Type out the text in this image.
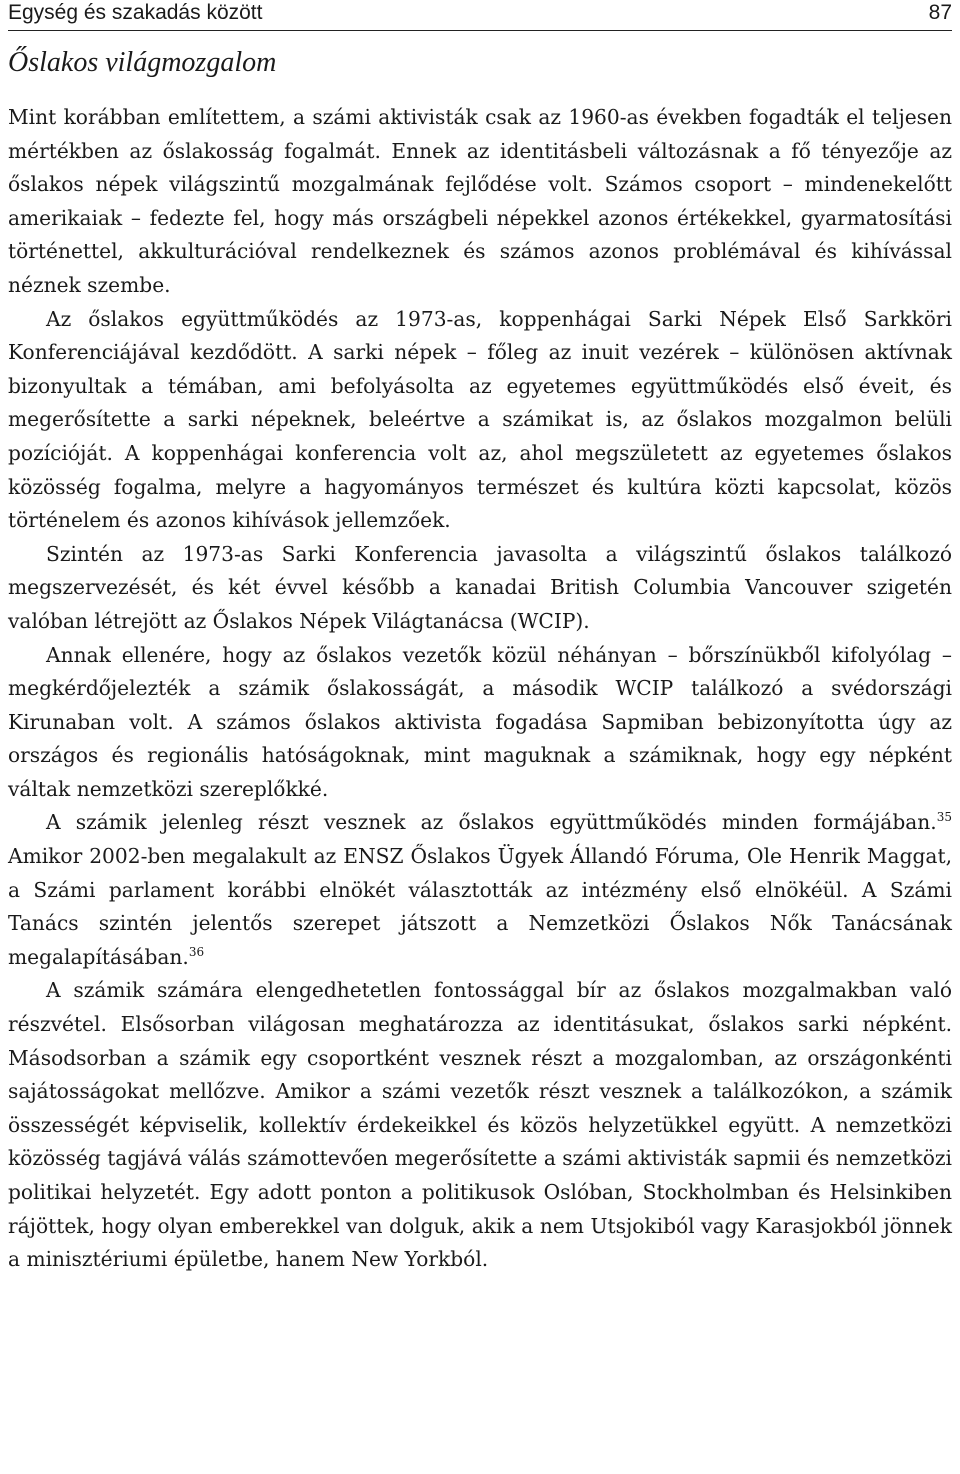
Egység és szakadás között	87
Őslakos világmozgalom

Mint korábban említettem, a számi aktivisták csak az 1960-as években fogadták el teljesen mértékben az őslakosság fogalmát. Ennek az identitásbeli változásnak a fő tényezője az őslakos népek világszintű mozgalmának fejlődése volt. Számos csoport – mindenekelőtt amerikaiak – fedezte fel, hogy más országbeli népekkel azonos értékekkel, gyarmatosítási történettel, akkulturációval rendelkeznek és számos azonos problémával és kihívással néznek szembe.

Az őslakos együttműködés az 1973-as, koppenhágai Sarki Népek Első Sarkköri Konferenciájával kezdődött. A sarki népek – főleg az inuit vezérek – különösen aktívnak bizonyultak a témában, ami befolyásolta az egyetemes együttműködés első éveit, és megerősítette a sarki népeknek, beleértve a számikat is, az őslakos mozgalmon belüli pozícióját. A koppenhágai konferencia volt az, ahol megszületett az egyetemes őslakos közösség fogalma, melyre a hagyományos természet és kultúra közti kapcsolat, közös történelem és azonos kihívások jellemzőek.

Szintén az 1973-as Sarki Konferencia javasolta a világszintű őslakos találkozó megszervezését, és két évvel később a kanadai British Columbia Vancouver szigetén valóban létrejött az Őslakos Népek Világtanácsa (WCIP).

Annak ellenére, hogy az őslakos vezetők közül néhányan – bőrszínükből kifolyólag – megkérdőjelezték a számik őslakosságát, a második WCIP találkozó a svédországi Kirunaban volt. A számos őslakos aktivista fogadása Sapmiban bebizonyította úgy az országos és regionális hatóságoknak, mint maguknak a számiknak, hogy egy népként váltak nemzetközi szereplőkké.

A számik jelenleg részt vesznek az őslakos együttműködés minden formájában.$^{35}$ Amikor 2002-ben megalakult az ENSZ Őslakos Ügyek Állandó Fóruma, Ole Henrik Maggat, a Számi parlament korábbi elnökét választották az intézmény első elnökéül. A Számi Tanács szintén jelentős szerepet játszott a Nemzetközi Őslakos Nők Tanácsának megalapításában.$^{36}$

A számik számára elengedhetetlen fontossággal bír az őslakos mozgalmakban való részvétel. Elsősorban világosan meghatározza az identitásukat, őslakos sarki népként. Másodsorban a számik egy csoportként vesznek részt a mozgalomban, az országonkénti sajátosságokat mellőzve. Amikor a számi vezetők részt vesznek a találkozókon, a számik összességét képviselik, kollektív érdekeikkel és közös helyzetükkel együtt. A nemzetközi közösség tagjává válás számottevően megerősítette a számi aktivisták sapmii és nemzetközi politikai helyzetét. Egy adott ponton a politikusok Oslóban, Stockholmban és Helsinkiben rájöttek, hogy olyan emberekkel van dolguk, akik a nem Utsjokiból vagy Karasjokból jönnek a minisztériumi épületbe, hanem New Yorkból.
